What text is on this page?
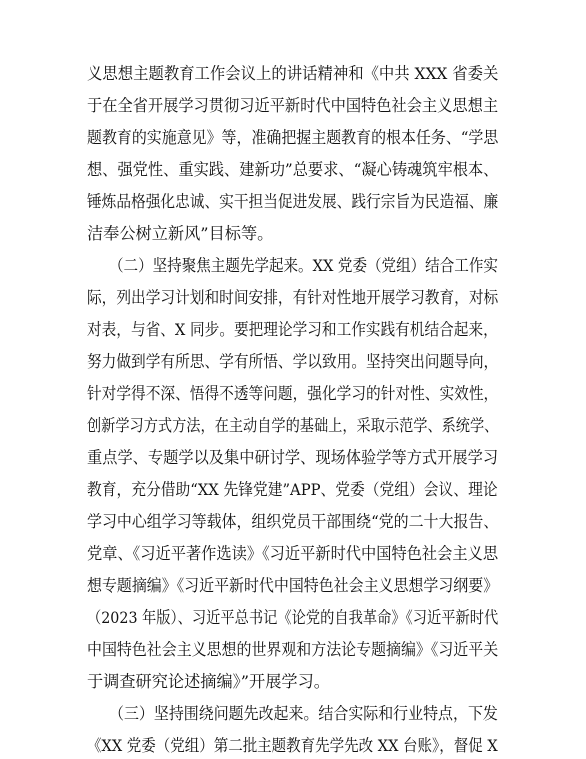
义思想主题教育工作会议上的讲话精神和《中共 XXX 省委关
于在全省开展学习贯彻习近平新时代中国特色社会主义思想主
题教育的实施意见》等，准确把握主题教育的根本任务、“学思
想、强党性、重实践、建新功”总要求、“凝心铸魂筑牢根本、
锤炼品格强化忠诚、实干担当促进发展、践行宗旨为民造福、廉
洁奉公树立新风”目标等。
（二）坚持聚焦主题先学起来。XX 党委（党组）结合工作实
际，列出学习计划和时间安排，有针对性地开展学习教育，对标
对表，与省、X 同步。要把理论学习和工作实践有机结合起来，
努力做到学有所思、学有所悟、学以致用。坚持突出问题导向，
针对学得不深、悟得不透等问题，强化学习的针对性、实效性，
创新学习方式方法，在主动自学的基础上，采取示范学、系统学、
重点学、专题学以及集中研讨学、现场体验学等方式开展学习
教育，充分借助“XX 先锋党建”APP、党委（党组）会议、理论
学习中心组学习等载体，组织党员干部围绕“党的二十大报告、
党章、《习近平著作选读》《习近平新时代中国特色社会主义思
想专题摘编》《习近平新时代中国特色社会主义思想学习纲要》
（2023 年版）、习近平总书记《论党的自我革命》《习近平新时代
中国特色社会主义思想的世界观和方法论专题摘编》《习近平关
于调查研究论述摘编》”开展学习。
（三）坚持围绕问题先改起来。结合实际和行业特点，下发
《XX 党委（党组）第二批主题教育先学先改 XX 台账》，督促 X
